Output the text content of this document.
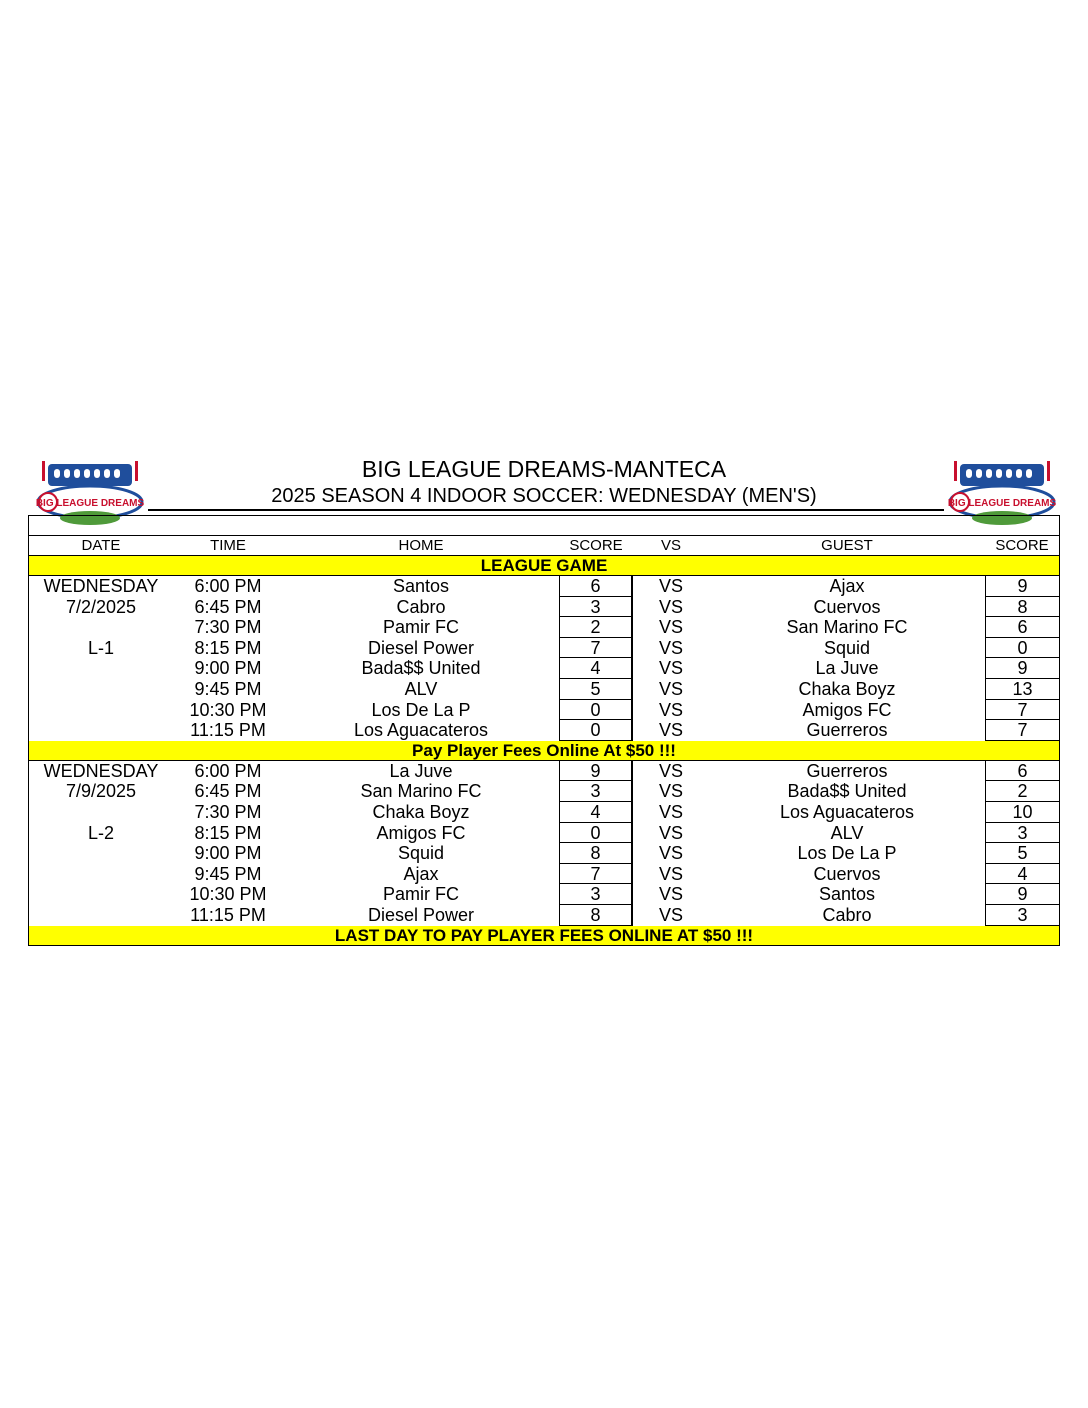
BIG LEAGUE DREAMS	BIG LEAGUE DREAMS
BIG LEAGUE DREAMS-MANTECA
2025 SEASON 4 INDOOR SOCCER: WEDNESDAY (MEN'S)
DATE	TIME	HOME	SCORE	VS	GUEST	SCORE
LEAGUE GAME
WEDNESDAY	6:00 PM	Santos	6	VS	Ajax	9
7/2/2025	6:45 PM	Cabro	3	VS	Cuervos	8
7:30 PM	Pamir FC	2	VS	San Marino FC	6
L-1	8:15 PM	Diesel Power	7	VS	Squid	0
9:00 PM	Bada$$ United	4	VS	La Juve	9
9:45 PM	ALV	5	VS	Chaka Boyz	13
10:30 PM	Los De La P	0	VS	Amigos FC	7
11:15 PM	Los Aguacateros	0	VS	Guerreros	7
Pay Player Fees Online At $50 !!!
WEDNESDAY	6:00 PM	La Juve	9	VS	Guerreros	6
7/9/2025	6:45 PM	San Marino FC	3	VS	Bada$$ United	2
7:30 PM	Chaka Boyz	4	VS	Los Aguacateros	10
L-2	8:15 PM	Amigos FC	0	VS	ALV	3
9:00 PM	Squid	8	VS	Los De La P	5
9:45 PM	Ajax	7	VS	Cuervos	4
10:30 PM	Pamir FC	3	VS	Santos	9
11:15 PM	Diesel Power	8	VS	Cabro	3
LAST DAY TO PAY PLAYER FEES ONLINE AT $50 !!!
